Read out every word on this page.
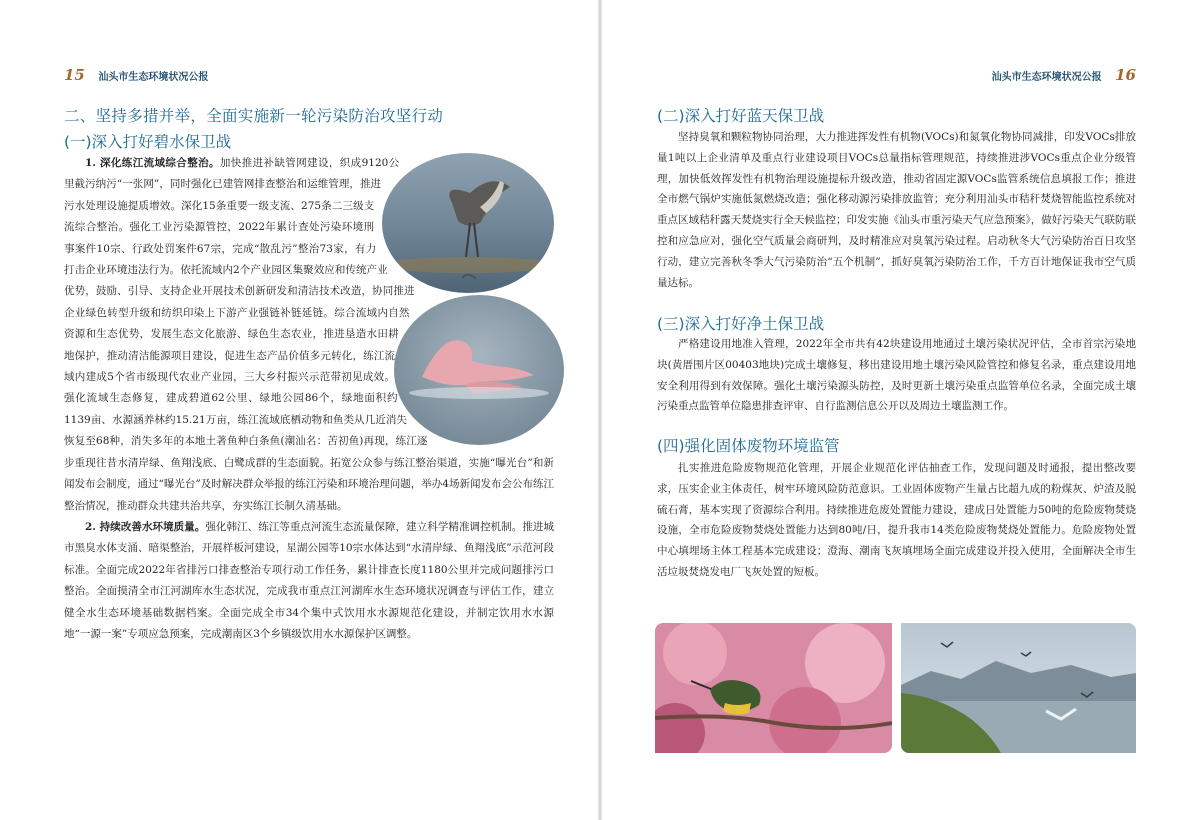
15 汕头市生态环境状况公报	汕头市生态环境状况公报 16
二、坚持多措并举，全面实施新一轮污染防治攻坚行动
(一)深入打好碧水保卫战

1. 深化练江流域综合整治。加快推进补缺管网建设，织成9120公里截污纳污“一张网”，同时强化已建管网排查整治和运维管理，推进污水处理设施提质增效。深化15条重要一级支流、275条二三级支流综合整治。强化工业污染源管控，2022年累计查处污染环境刑事案件10宗、行政处罚案件67宗，完成“散乱污”整治73家，有力打击企业环境违法行为。依托流域内2个产业园区集聚效应和传统产业优势，鼓励、引导、支持企业开展技术创新研发和清洁技术改造，协同推进企业绿色转型升级和纺织印染上下游产业强链补链延链。综合流域内自然资源和生态优势，发展生态文化旅游、绿色生态农业，推进垦造水田耕地保护，推动清洁能源项目建设，促进生态产品价值多元转化，练江流域内建成5个省市级现代农业产业园，三大乡村振兴示范带初见成效。强化流域生态修复，建成碧道62公里、绿地公园86个，绿地面积约1139亩、水源涵养林约15.21万亩，练江流域底栖动物和鱼类从几近消失恢复至68种，消失多年的本地土著鱼种白条鱼(潮汕名：苦初鱼)再现，练江逐步重现往昔水清岸绿、鱼翔浅底、白鹭成群的生态面貌。拓宽公众参与练江整治渠道，实施“曝光台”和新闻发布会制度，通过“曝光台”及时解决群众举报的练江污染和环境治理问题，举办4场新闻发布会公布练江整治情况，推动群众共建共治共享，夯实练江长制久清基础。

2. 持续改善水环境质量。强化韩江、练江等重点河流生态流量保障，建立科学精准调控机制。推进城市黑臭水体支涌、暗渠整治，开展样板河建设，星湖公园等10宗水体达到“水清岸绿、鱼翔浅底”示范河段标准。全面完成2022年省排污口排查整治专项行动工作任务，累计排查长度1180公里并完成问题排污口整治。全面摸清全市江河湖库水生态状况，完成我市重点江河湖库水生态环境状况调查与评估工作，建立健全水生态环境基础数据档案。全面完成全市34个集中式饮用水水源规范化建设，并制定饮用水水源地“一源一案”专项应急预案，完成潮南区3个乡镇级饮用水水源保护区调整。

(二)深入打好蓝天保卫战

坚持臭氧和颗粒物协同治理，大力推进挥发性有机物(VOCs)和氮氧化物协同减排，印发VOCs排放量1吨以上企业清单及重点行业建设项目VOCs总量指标管理规范，持续推进涉VOCs重点企业分级管理，加快低效挥发性有机物治理设施提标升级改造，推动省固定源VOCs监管系统信息填报工作；推进全市燃气锅炉实施低氮燃烧改造；强化移动源污染排放监管；充分利用汕头市秸秆焚烧智能监控系统对重点区域秸秆露天焚烧实行全天候监控；印发实施《汕头市重污染天气应急预案》，做好污染天气联防联控和应急应对，强化空气质量会商研判，及时精准应对臭氧污染过程。启动秋冬大气污染防治百日攻坚行动，建立完善秋冬季大气污染防治“五个机制”，抓好臭氧污染防治工作，千方百计地保证我市空气质量达标。

(三)深入打好净土保卫战

严格建设用地准入管理，2022年全市共有42块建设用地通过土壤污染状况评估，全市首宗污染地块(黄厝围片区00403地块)完成土壤修复，移出建设用地土壤污染风险管控和修复名录，重点建设用地安全利用得到有效保障。强化土壤污染源头防控，及时更新土壤污染重点监管单位名录，全面完成土壤污染重点监管单位隐患排查评审、自行监测信息公开以及周边土壤监测工作。

(四)强化固体废物环境监管

扎实推进危险废物规范化管理，开展企业规范化评估抽查工作，发现问题及时通报，提出整改要求，压实企业主体责任，树牢环境风险防范意识。工业固体废物产生量占比超九成的粉煤灰、炉渣及脱硫石膏，基本实现了资源综合利用。持续推进危废处置能力建设，建成日处置能力50吨的危险废物焚烧设施，全市危险废物焚烧处置能力达到80吨/日，提升我市14类危险废物焚烧处置能力。危险废物处置中心填埋场主体工程基本完成建设；澄海、潮南飞灰填埋场全面完成建设并投入使用，全面解决全市生活垃圾焚烧发电厂飞灰处置的短板。
